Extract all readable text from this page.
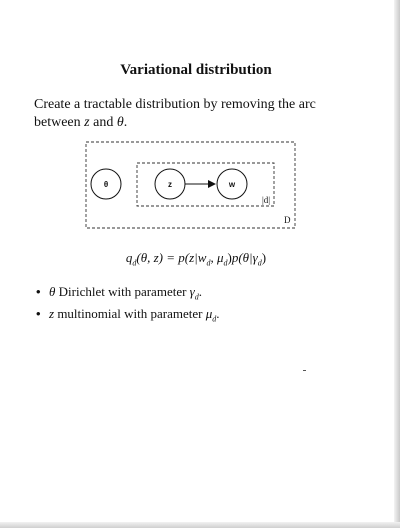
Variational distribution
Create a tractable distribution by removing the arc
between z and θ.
θ	z	w
|d|
D
$q_d(\theta$, $z) = p(z|w_d$, $\mu_d)p(\theta|\gamma_d)$
• θ Dirichlet with parameter $\gamma_d$.
• z multinomial with parameter $\mu_d$.
